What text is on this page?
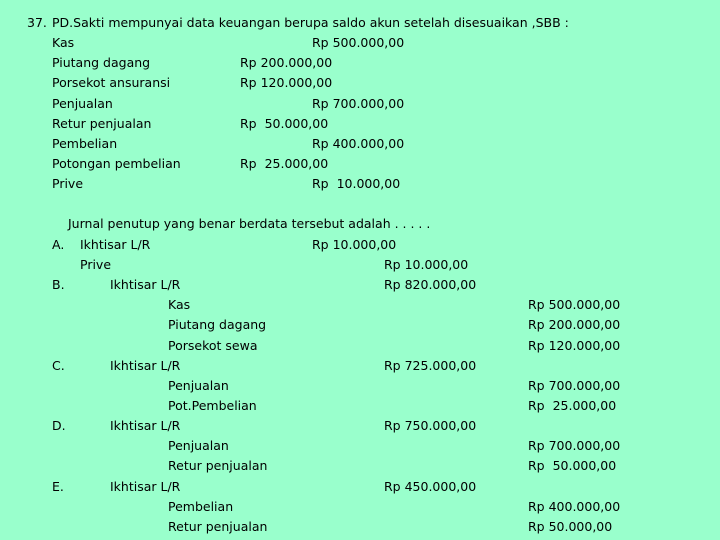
37. PD.Sakti mempunyai data keuangan berupa saldo akun setelah disesuaikan ,SBB :
Kas	Rp 500.000,00
Piutang dagang	Rp 200.000,00
Porsekot ansuransi	Rp 120.000,00
Penjualan	Rp 700.000,00
Retur penjualan	Rp  50.000,00
Pembelian	Rp 400.000,00
Potongan pembelian	Rp  25.000,00
Prive	Rp  10.000,00
Jurnal penutup yang benar berdata tersebut adalah . . . . .
A. Ikhtisar L/R	Rp 10.000,00
Prive	Rp 10.000,00
B.	Ikhtisar L/R	Rp 820.000,00
Kas	Rp 500.000,00
Piutang dagang	Rp 200.000,00
Porsekot sewa	Rp 120.000,00
C.	Ikhtisar L/R	Rp 725.000,00
Penjualan	Rp 700.000,00
Pot.Pembelian	Rp  25.000,00
D.	Ikhtisar L/R	Rp 750.000,00
Penjualan	Rp 700.000,00
Retur penjualan	Rp  50.000,00
E.	Ikhtisar L/R	Rp 450.000,00
Pembelian	Rp 400.000,00
Retur penjualan	Rp 50.000,00
